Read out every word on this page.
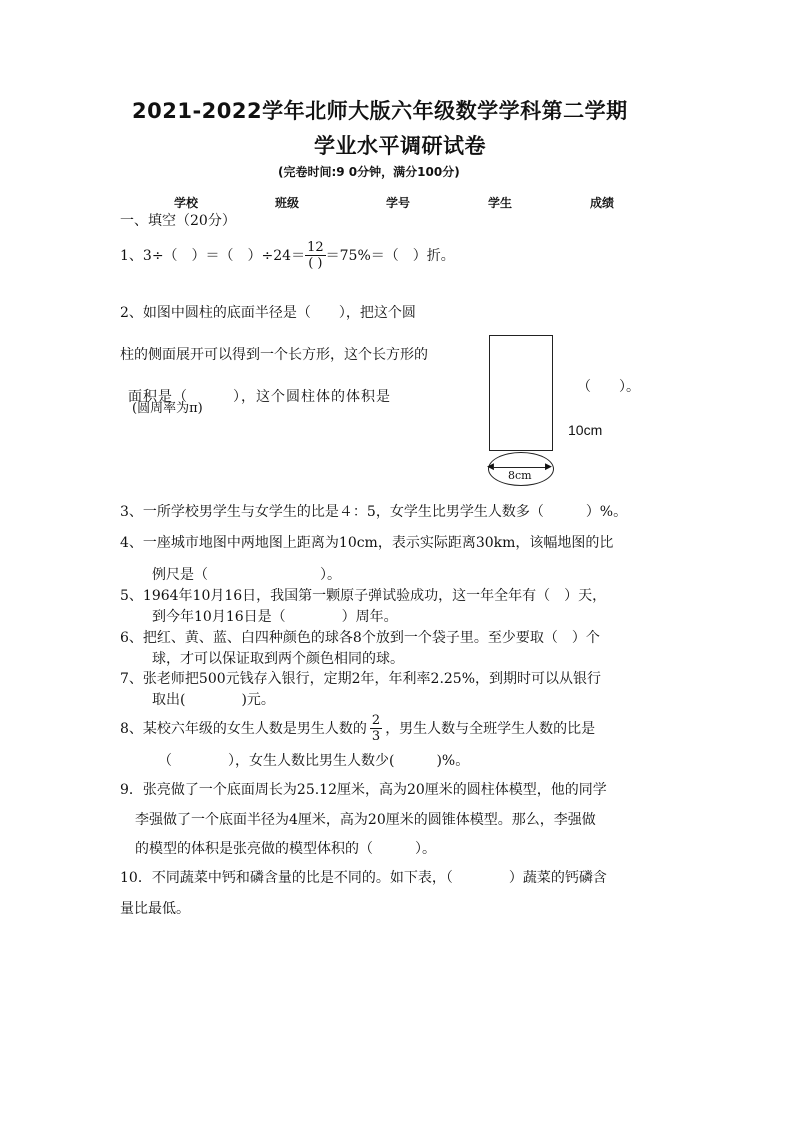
2021-2022学年北师大版六年级数学学科第二学期
学业水平调研试卷
(完卷时间:9 0分钟，满分100分)
学校	班级	学号	学生	成绩
一、填空（20分）
1、3÷（　）＝（　）$\div 24= \frac{12}{( )} =75\%=$（　）折。
2、如图中圆柱的底面半径是（　　），把这个圆
柱的侧面展开可以得到一个长方形，这个长方形的
面积是（　　　），这个圆柱体的体积是
(圆周率为π)
（　　）。
◀	▶
8cm
10cm
3、一所学校男学生与女学生的比是４：5，女学生比男学生人数多（　　　）%。
4、一座城市地图中两地图上距离为10cm，表示实际距离30km，该幅地图的比
例尺是（　　　　　　　　）。
5、1964年10月16日，我国第一颗原子弹试验成功，这一年全年有（　）天，
到今年10月16日是（　　　　）周年。
6、把红、黄、蓝、白四种颜色的球各8个放到一个袋子里。至少要取（　）个
球，才可以保证取到两个颜色相同的球。
7、张老师把500元钱存入银行，定期2年，年利率2.25%，到期时可以从银行
取出(　　　　)元。
8、某校六年级的女生人数是男生人数的 $\frac{2}{3}$ ，男生人数与全班学生人数的比是
（　　　　），女生人数比男生人数少(　　　)%。
9．张亮做了一个底面周长为25.12厘米，高为20厘米的圆柱体模型，他的同学
李强做了一个底面半径为4厘米，高为20厘米的圆锥体模型。那么，李强做
的模型的体积是张亮做的模型体积的（　　　）。
10．不同蔬菜中钙和磷含量的比是不同的。如下表，（　　　　）蔬菜的钙磷含
量比最低。
